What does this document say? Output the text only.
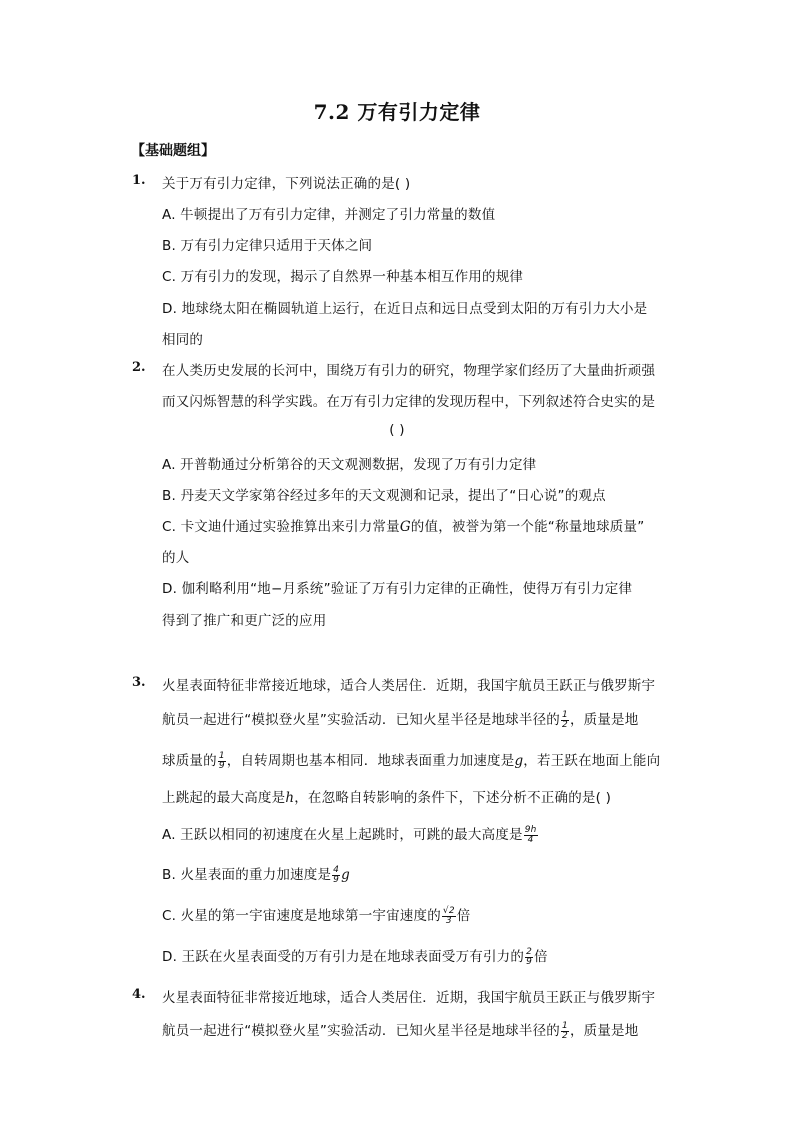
7.2 万有引力定律
【基础题组】
1. 关于万有引力定律，下列说法正确的是( )
A. 牛顿提出了万有引力定律，并测定了引力常量的数值
B. 万有引力定律只适用于天体之间
C. 万有引力的发现，揭示了自然界一种基本相互作用的规律
D. 地球绕太阳在椭圆轨道上运行，在近日点和远日点受到太阳的万有引力大小是
相同的
2. 在人类历史发展的长河中，围绕万有引力的研究，物理学家们经历了大量曲折顽强
而又闪烁智慧的科学实践。在万有引力定律的发现历程中，下列叙述符合史实的是
( )
A. 开普勒通过分析第谷的天文观测数据，发现了万有引力定律
B. 丹麦天文学家第谷经过多年的天文观测和记录，提出了“日心说”的观点
C. 卡文迪什通过实验推算出来引力常量G的值，被誉为第一个能“称量地球质量”
的人
D. 伽利略利用“地−月系统”验证了万有引力定律的正确性，使得万有引力定律
得到了推广和更广泛的应用
3. 火星表面特征非常接近地球，适合人类居住．近期，我国宇航员王跃正与俄罗斯宇
航员一起进行“模拟登火星”实验活动．已知火星半径是地球半径的 $\frac{1}{2}$ ，质量是地
球质量的 $\frac{1}{9}$ ，自转周期也基本相同．地球表面重力加速度是g，若王跃在地面上能向
上跳起的最大高度是h，在忽略自转影响的条件下，下述分析不正确的是( )
A. 王跃以相同的初速度在火星上起跳时，可跳的最大高度是 $\frac{9h}{4}$
B. 火星表面的重力加速度是 $\frac{4}{9}$ g
C. 火星的第一宇宙速度是地球第一宇宙速度的 $\frac{√2}{3}$ 倍
D. 王跃在火星表面受的万有引力是在地球表面受万有引力的 $\frac{2}{9}$ 倍
4. 火星表面特征非常接近地球，适合人类居住．近期，我国宇航员王跃正与俄罗斯宇
航员一起进行“模拟登火星”实验活动．已知火星半径是地球半径的 $\frac{1}{2}$ ，质量是地
